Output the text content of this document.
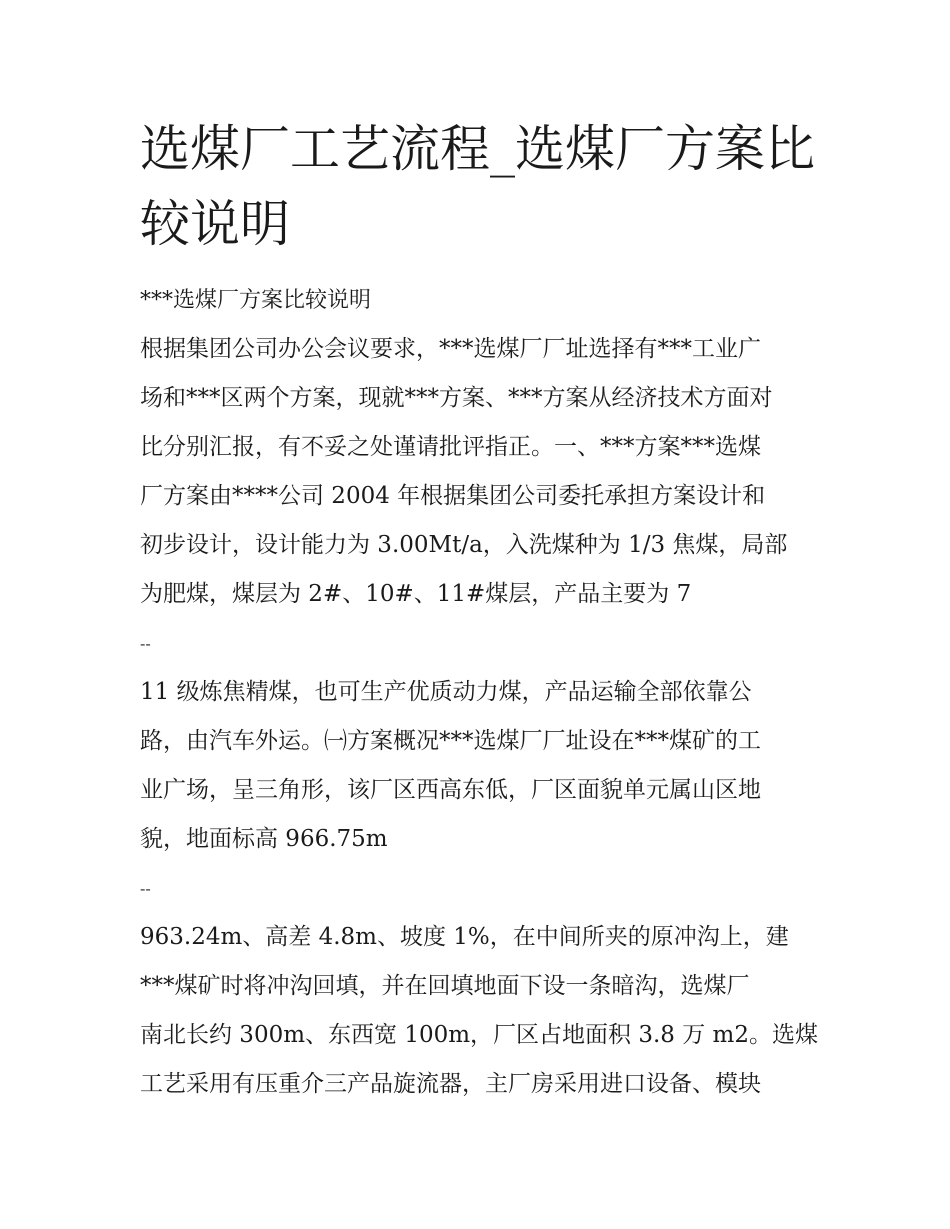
选煤厂工艺流程_选煤厂方案比
较说明
***选煤厂方案比较说明
根据集团公司办公会议要求，***选煤厂厂址选择有***工业广
场和***区两个方案，现就***方案、***方案从经济技术方面对
比分别汇报，有不妥之处谨请批评指正。一、***方案***选煤
厂方案由****公司 2004 年根据集团公司委托承担方案设计和
初步设计，设计能力为 3.00Mt/a，入洗煤种为 1/3 焦煤，局部
为肥煤，煤层为 2#、10#、11#煤层，产品主要为 7
--
11 级炼焦精煤，也可生产优质动力煤，产品运输全部依靠公
路，由汽车外运。㈠方案概况***选煤厂厂址设在***煤矿的工
业广场，呈三角形，该厂区西高东低，厂区面貌单元属山区地
貌，地面标高 966.75m
--
963.24m、高差 4.8m、坡度 1%，在中间所夹的原冲沟上，建
***煤矿时将冲沟回填，并在回填地面下设一条暗沟，选煤厂
南北长约 300m、东西宽 100m，厂区占地面积 3.8 万 m2。选煤
工艺采用有压重介三产品旋流器，主厂房采用进口设备、模块
